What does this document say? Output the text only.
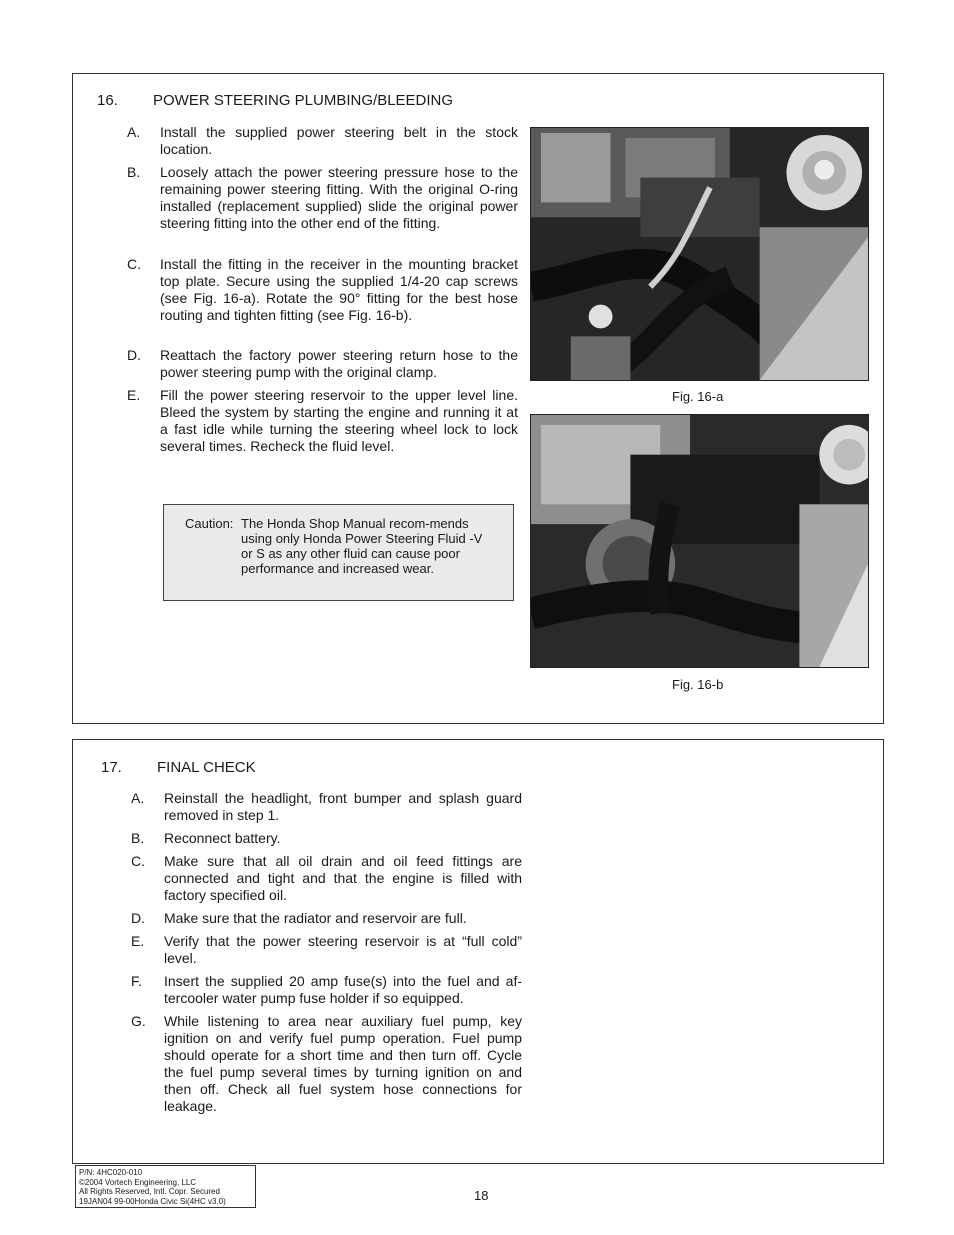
16. POWER STEERING PLUMBING/BLEEDING
A. Install the supplied power steering belt in the stock location.
B. Loosely attach the power steering pressure hose to the remaining power steering fitting. With the original O-ring installed (replacement supplied) slide the original power steering fitting into the other end of the fitting.
C. Install the fitting in the receiver in the mounting bracket top plate. Secure using the supplied 1/4-20 cap screws (see Fig. 16-a). Rotate the 90° fitting for the best hose routing and tighten fitting (see Fig. 16-b).
D. Reattach the factory power steering return hose to the power steering pump with the original clamp.
E. Fill the power steering reservoir to the upper level line. Bleed the system by starting the engine and running it at a fast idle while turning the steering wheel lock to lock several times. Recheck the fluid level.
Caution: The Honda Shop Manual recom-mends using only Honda Power Steering Fluid -V or S as any other fluid can cause poor performance and increased wear.
Fig. 16-a
Fig. 16-b
17. FINAL CHECK
A. Reinstall the headlight, front bumper and splash guard removed in step 1.
B. Reconnect battery.
C. Make sure that all oil drain and oil feed fittings are connected and tight and that the engine is filled with factory specified oil.
D. Make sure that the radiator and reservoir are full.
E. Verify that the power steering reservoir is at “full cold” level.
F. Insert the supplied 20 amp fuse(s) into the fuel and af-tercooler water pump fuse holder if so equipped.
G. While listening to area near auxiliary fuel pump, key ignition on and verify fuel pump operation. Fuel pump should operate for a short time and then turn off. Cycle the fuel pump several times by turning ignition on and then off. Check all fuel system hose connections for leakage.
P/N: 4HC020-010
©2004 Vortech Engineering, LLC
All Rights Reserved, Intl. Copr. Secured
19JAN04 99-00Honda Civic Si(4HC v3.0)	18
